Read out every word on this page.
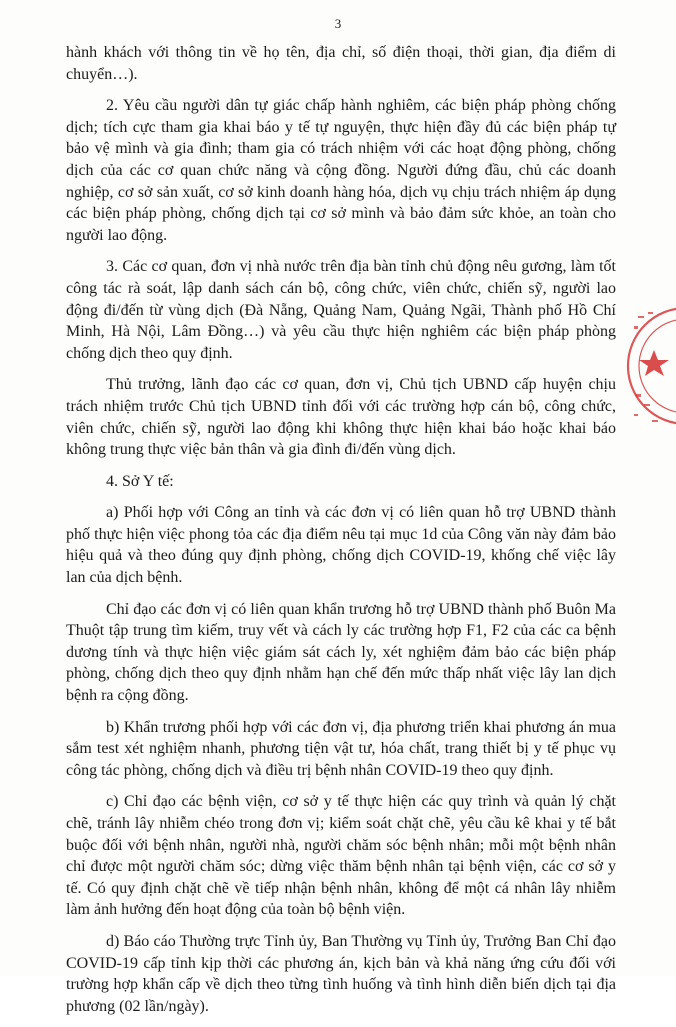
3

hành khách với thông tin về họ tên, địa chỉ, số điện thoại, thời gian, địa điểm di chuyển…).

2. Yêu cầu người dân tự giác chấp hành nghiêm, các biện pháp phòng chống dịch; tích cực tham gia khai báo y tế tự nguyện, thực hiện đầy đủ các biện pháp tự bảo vệ mình và gia đình; tham gia có trách nhiệm với các hoạt động phòng, chống dịch của các cơ quan chức năng và cộng đồng. Người đứng đầu, chủ các doanh nghiệp, cơ sở sản xuất, cơ sở kinh doanh hàng hóa, dịch vụ chịu trách nhiệm áp dụng các biện pháp phòng, chống dịch tại cơ sở mình và bảo đảm sức khỏe, an toàn cho người lao động.

3. Các cơ quan, đơn vị nhà nước trên địa bàn tỉnh chủ động nêu gương, làm tốt công tác rà soát, lập danh sách cán bộ, công chức, viên chức, chiến sỹ, người lao động đi/đến từ vùng dịch (Đà Nẵng, Quảng Nam, Quảng Ngãi, Thành phố Hồ Chí Minh, Hà Nội, Lâm Đồng…) và yêu cầu thực hiện nghiêm các biện pháp phòng chống dịch theo quy định.

Thủ trưởng, lãnh đạo các cơ quan, đơn vị, Chủ tịch UBND cấp huyện chịu trách nhiệm trước Chủ tịch UBND tỉnh đối với các trường hợp cán bộ, công chức, viên chức, chiến sỹ, người lao động khi không thực hiện khai báo hoặc khai báo không trung thực việc bản thân và gia đình đi/đến vùng dịch.

4. Sở Y tế:

a) Phối hợp với Công an tỉnh và các đơn vị có liên quan hỗ trợ UBND thành phố thực hiện việc phong tỏa các địa điểm nêu tại mục 1d của Công văn này đảm bảo hiệu quả và theo đúng quy định phòng, chống dịch COVID-19, khống chế việc lây lan của dịch bệnh.

Chỉ đạo các đơn vị có liên quan khẩn trương hỗ trợ UBND thành phố Buôn Ma Thuột tập trung tìm kiếm, truy vết và cách ly các trường hợp F1, F2 của các ca bệnh dương tính và thực hiện việc giám sát cách ly, xét nghiệm đảm bảo các biện pháp phòng, chống dịch theo quy định nhằm hạn chế đến mức thấp nhất việc lây lan dịch bệnh ra cộng đồng.

b) Khẩn trương phối hợp với các đơn vị, địa phương triển khai phương án mua sắm test xét nghiệm nhanh, phương tiện vật tư, hóa chất, trang thiết bị y tế phục vụ công tác phòng, chống dịch và điều trị bệnh nhân COVID-19 theo quy định.

c) Chỉ đạo các bệnh viện, cơ sở y tế thực hiện các quy trình và quản lý chặt chẽ, tránh lây nhiễm chéo trong đơn vị; kiểm soát chặt chẽ, yêu cầu kê khai y tế bắt buộc đối với bệnh nhân, người nhà, người chăm sóc bệnh nhân; mỗi một bệnh nhân chỉ được một người chăm sóc; dừng việc thăm bệnh nhân tại bệnh viện, các cơ sở y tế. Có quy định chặt chẽ về tiếp nhận bệnh nhân, không để một cá nhân lây nhiễm làm ảnh hưởng đến hoạt động của toàn bộ bệnh viện.

d) Báo cáo Thường trực Tỉnh ủy, Ban Thường vụ Tỉnh ủy, Trưởng Ban Chỉ đạo COVID-19 cấp tỉnh kịp thời các phương án, kịch bản và khả năng ứng cứu đối với trường hợp khẩn cấp về dịch theo từng tình huống và tình hình diễn biến dịch tại địa phương (02 lần/ngày).
